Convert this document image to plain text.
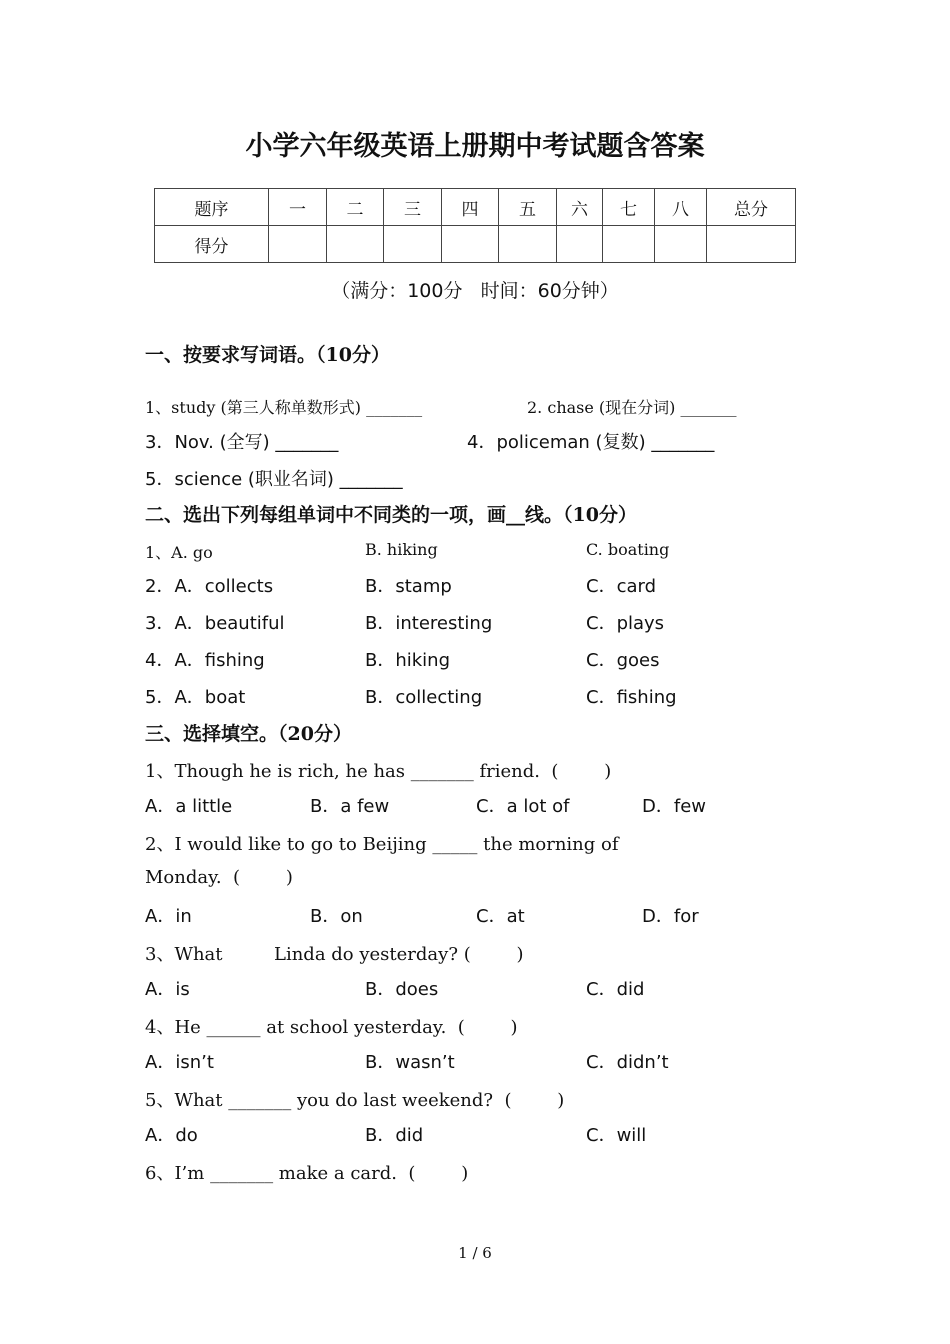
小学六年级英语上册期中考试题含答案
题序	一	二	三	四	五	六	七	八	总分
得分									
（满分：100分   时间：60分钟）
一、按要求写词语。（10分）
1、study (第三人称单数形式) _______	2. chase (现在分词) _______
3．Nov. (全写) _______	4．policeman (复数) _______
5．science (职业名词) _______
二、选出下列每组单词中不同类的一项，画__线。（10分）
1、A. go	B. hiking	C. boating
2．A．collects	B．stamp	C．card
3．A．beautiful	B．interesting	C．plays
4．A．fishing	B．hiking	C．goes
5．A．boat	B．collecting	C．fishing
三、选择填空。（20分）
1、Though he is rich, he has _______ friend.  (        )
A．a little	B．a few	C．a lot of	D．few
2、I would like to go to Beijing _____ the morning of
Monday.  (        )
A．in	B．on	C．at	D．for
3、What         Linda do yesterday? (        )
A．is	B．does	C．did
4、He ______ at school yesterday.  (        )
A．isn’t	B．wasn’t	C．didn’t
5、What _______ you do last weekend?  (        )
A．do	B．did	C．will
6、I’m _______ make a card.  (        )
1 / 6
